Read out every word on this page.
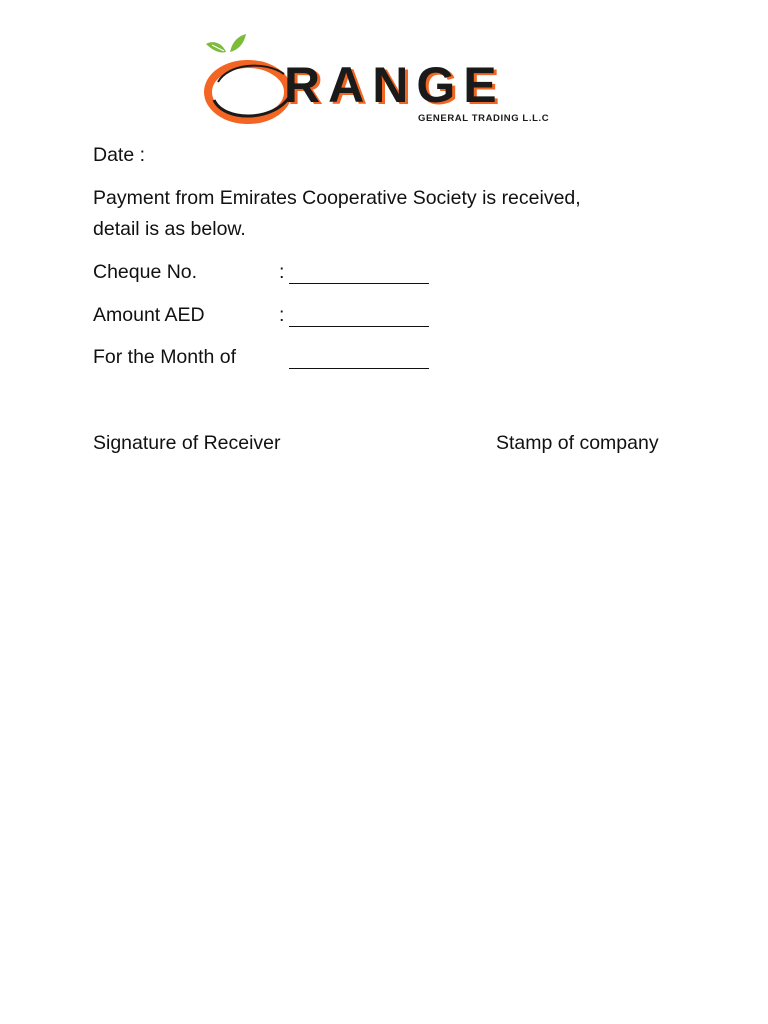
RANGE
GENERAL TRADING L.L.C
Date :
Payment from Emirates Cooperative Society is received,
detail is as below.
Cheque No.	:
Amount AED	:
For the Month of
Signature of Receiver	Stamp of company
